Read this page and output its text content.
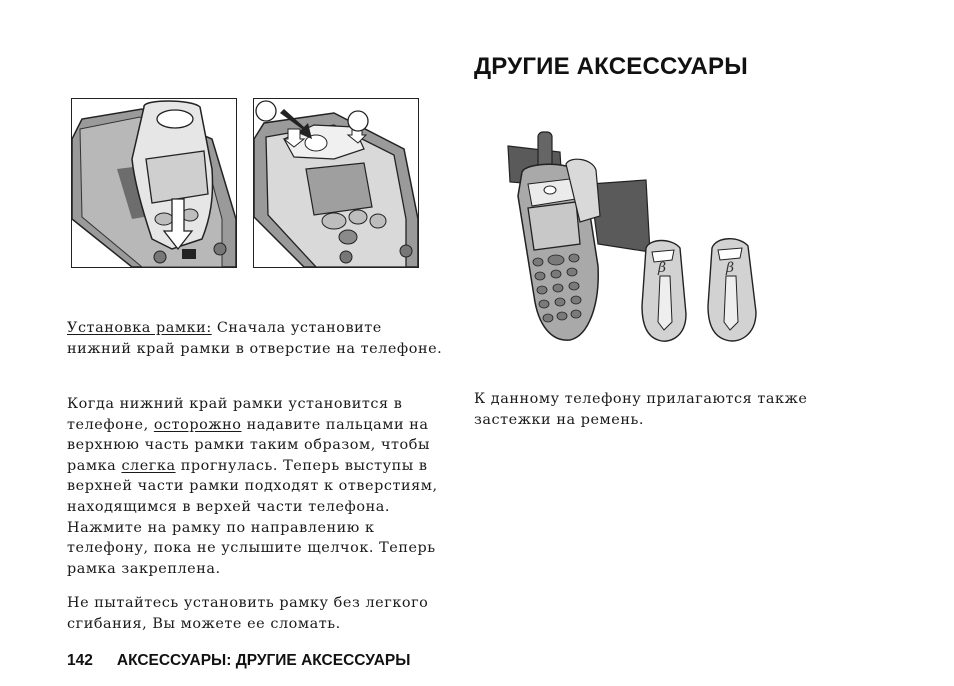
ДРУГИЕ АКСЕССУАРЫ
β	β

Установка рамки: Сначала установите нижний край рамки в отверстие на телефоне.

Когда нижний край рамки установится в телефоне, осторожно надавите пальцами на верхнюю часть рамки таким образом, чтобы рамка слегка прогнулась. Теперь выступы в верхней части рамки подходят к отверстиям, находящимся в верхей части телефона. Нажмите на рамку по направлению к телефону, пока не услышите щелчок. Теперь рамка закреплена.

Не пытайтесь установить рамку без легкого сгибания, Вы можете ее сломать.

К данному телефону прилагаются также застежки на ремень.

142 АКСЕССУАРЫ: ДРУГИЕ АКСЕССУАРЫ
